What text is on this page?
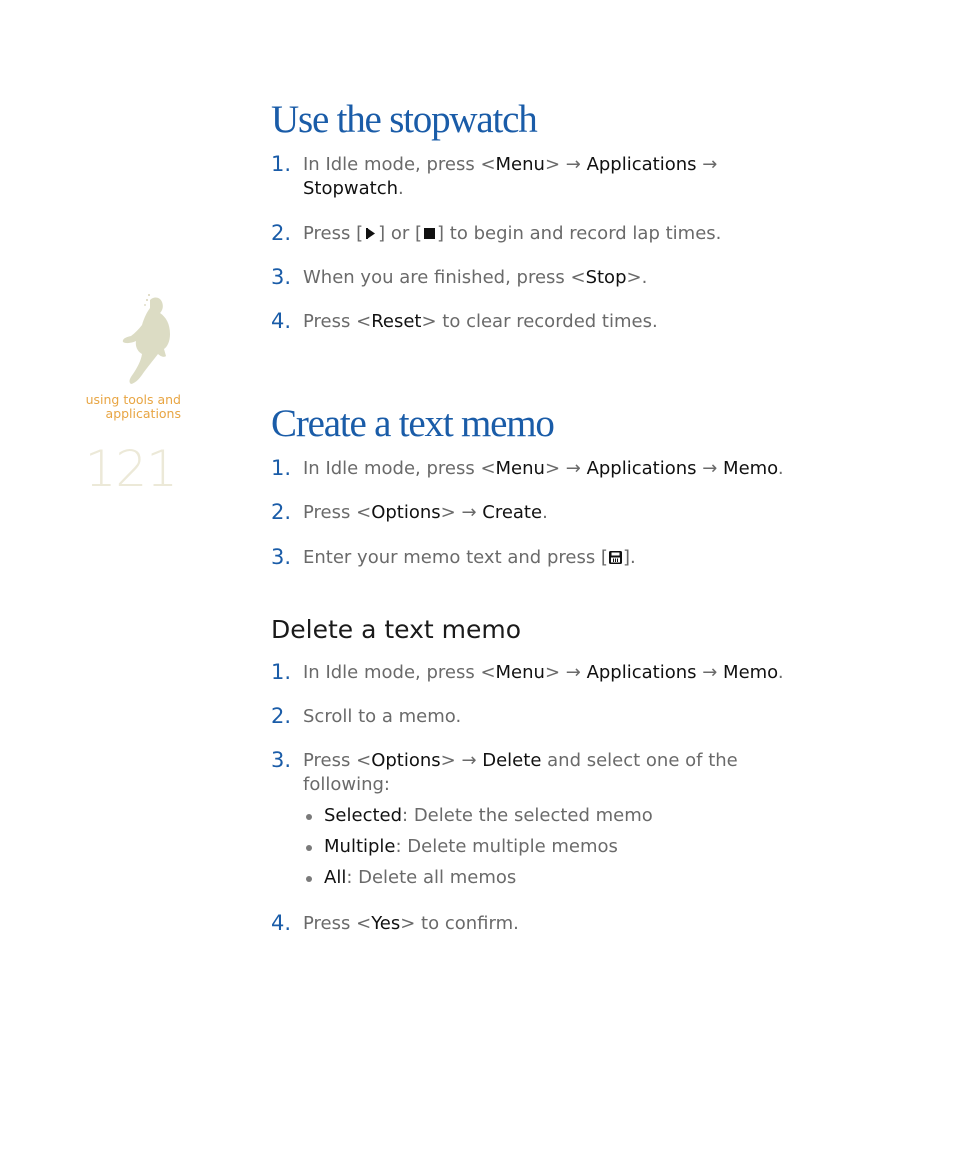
using tools and
applications
121
Use the stopwatch
1. In Idle mode, press <Menu> → Applications →
Stopwatch.
2. Press [ ] or [ ] to begin and record lap times.
3. When you are finished, press <Stop>.
4. Press <Reset> to clear recorded times.
Create a text memo
1. In Idle mode, press <Menu> → Applications → Memo.
2. Press <Options> → Create.
3. Enter your memo text and press [ ].
Delete a text memo
1. In Idle mode, press <Menu> → Applications → Memo.
2. Scroll to a memo.
3. Press <Options> → Delete and select one of the following:
Selected: Delete the selected memo
Multiple: Delete multiple memos
All: Delete all memos
4. Press <Yes> to confirm.
